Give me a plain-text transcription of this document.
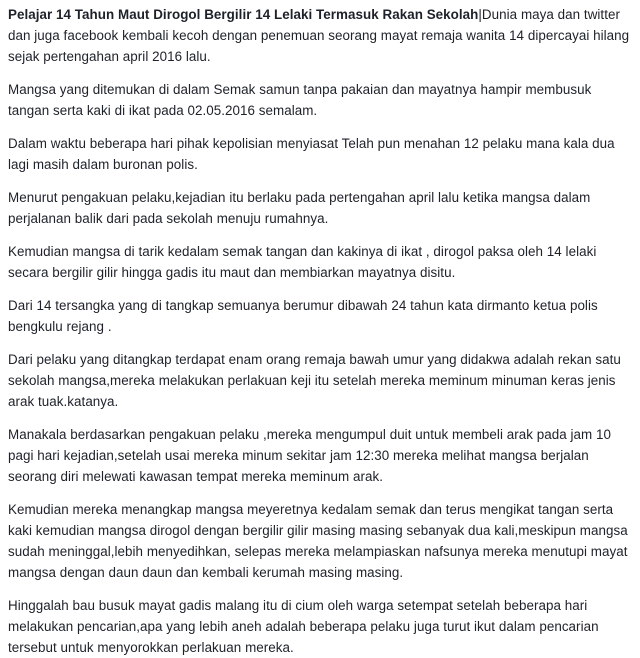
Pelajar 14 Tahun Maut Dirogol Bergilir 14 Lelaki Termasuk Rakan Sekolah|Dunia maya dan twitter dan juga facebook kembali kecoh dengan penemuan seorang mayat remaja wanita 14 dipercayai hilang sejak pertengahan april 2016 lalu.

Mangsa yang ditemukan di dalam Semak samun tanpa pakaian dan mayatnya hampir membusuk tangan serta kaki di ikat pada 02.05.2016 semalam.

Dalam waktu beberapa hari pihak kepolisian menyiasat Telah pun menahan 12 pelaku mana kala dua lagi masih dalam buronan polis.

Menurut pengakuan pelaku,kejadian itu berlaku pada pertengahan april lalu ketika mangsa dalam perjalanan balik dari pada sekolah menuju rumahnya.

Kemudian mangsa di tarik kedalam semak tangan dan kakinya di ikat , dirogol paksa oleh 14 lelaki secara bergilir gilir hingga gadis itu maut dan membiarkan mayatnya disitu.

Dari 14 tersangka yang di tangkap semuanya berumur dibawah 24 tahun kata dirmanto ketua polis bengkulu rejang .

Dari pelaku yang ditangkap terdapat enam orang remaja bawah umur yang didakwa adalah rekan satu sekolah mangsa,mereka melakukan perlakuan keji itu setelah mereka meminum minuman keras jenis arak tuak.katanya.

Manakala berdasarkan pengakuan pelaku ,mereka mengumpul duit untuk membeli arak pada jam 10 pagi hari kejadian,setelah usai mereka minum sekitar jam 12:30 mereka melihat mangsa berjalan seorang diri melewati kawasan tempat mereka meminum arak.

Kemudian mereka menangkap mangsa meyeretnya kedalam semak dan terus mengikat tangan serta kaki kemudian mangsa dirogol dengan bergilir gilir masing masing sebanyak dua kali,meskipun mangsa sudah meninggal,lebih menyedihkan, selepas mereka melampiaskan nafsunya mereka menutupi mayat mangsa dengan daun daun dan kembali kerumah masing masing.

Hinggalah bau busuk mayat gadis malang itu di cium oleh warga setempat setelah beberapa hari melakukan pencarian,apa yang lebih aneh adalah beberapa pelaku juga turut ikut dalam pencarian tersebut untuk menyorokkan perlakuan mereka.
